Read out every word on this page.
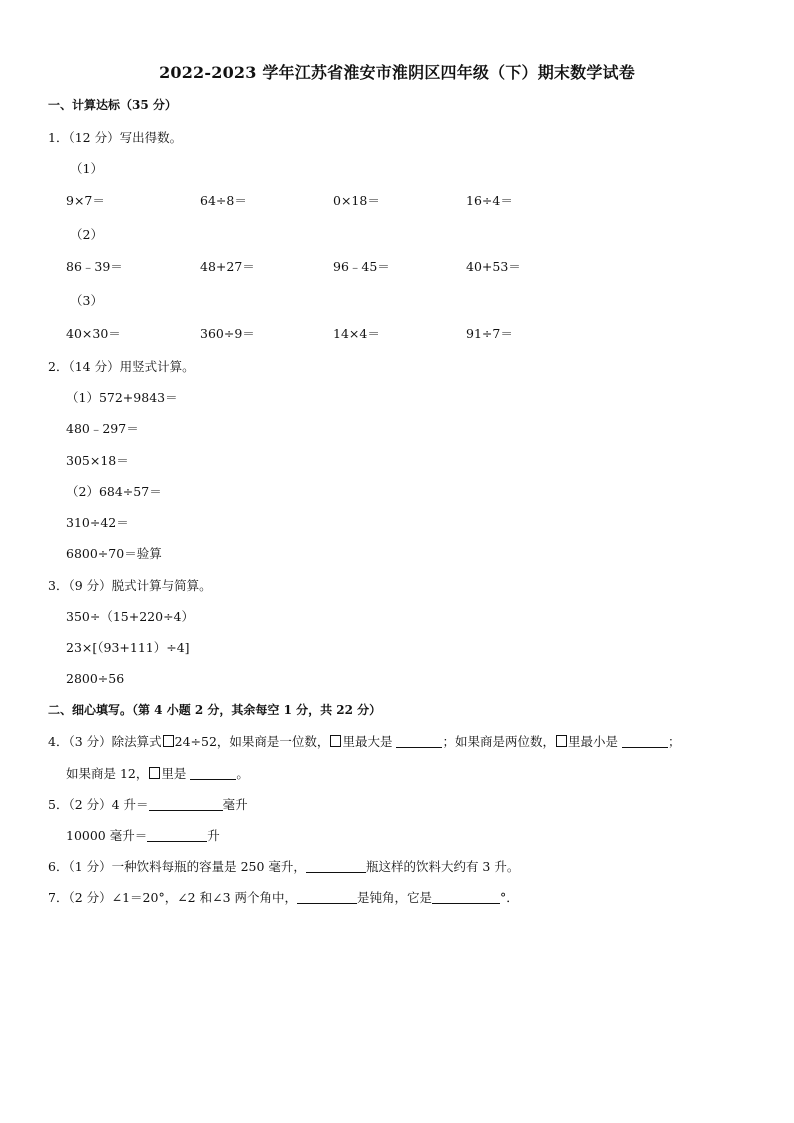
2022-2023 学年江苏省淮安市淮阴区四年级（下）期末数学试卷
一、计算达标（35 分）
1．（12 分）写出得数。
（1）
9×7＝	64÷8＝	0×18＝	16÷4＝
（2）
86﹣39＝	48+27＝	96﹣45＝	40+53＝
（3）
40×30＝	360÷9＝	14×4＝	91÷7＝
2．（14 分）用竖式计算。
（1）572+9843＝
480﹣297＝
305×18＝
（2）684÷57＝
310÷42＝
6800÷70＝验算
3．（9 分）脱式计算与简算。
350÷（15+220÷4）
23×[（93+111）÷4]
2800÷56
二、细心填写。（第 4 小题 2 分，其余每空 1 分，共 22 分）
4．（3 分）除法算式 24÷52，如果商是一位数， 里最大是	；如果商是两位数， 里最小是	；
如果商是 12， 里是	。
5．（2 分）4 升＝	毫升
10000 毫升＝	升
6．（1 分）一种饮料每瓶的容量是 250 毫升，	瓶这样的饮料大约有 3 升。
7．（2 分）∠1＝20°，∠2 和∠3 两个角中，	是钝角，它是	°．
